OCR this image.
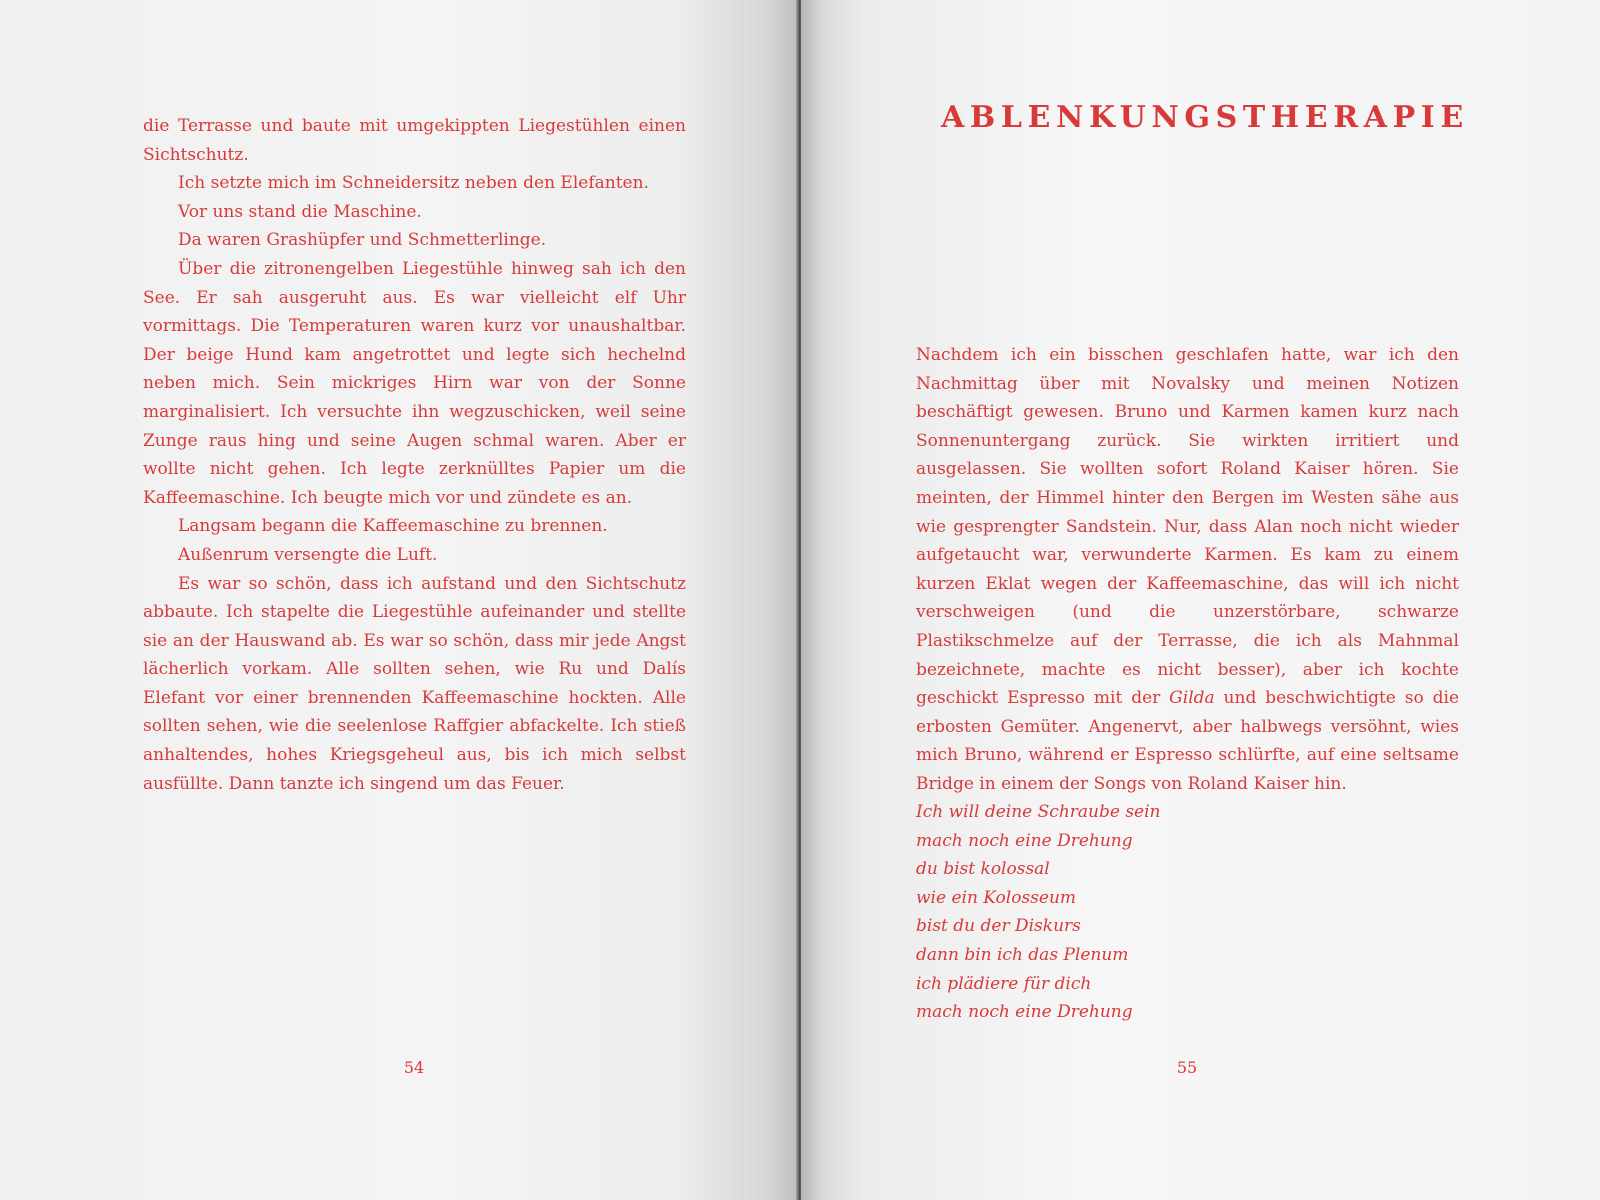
die Terrasse und baute mit umgekippten Liegestühlen einen Sichtschutz.

Ich setzte mich im Schneidersitz neben den Elefanten.

Vor uns stand die Maschine.

Da waren Grashüpfer und Schmetterlinge.

Über die zitronengelben Liegestühle hinweg sah ich den See. Er sah ausgeruht aus. Es war vielleicht elf Uhr vormittags. Die Temperaturen waren kurz vor unaushaltbar. Der beige Hund kam angetrottet und legte sich hechelnd neben mich. Sein mickriges Hirn war von der Sonne marginalisiert. Ich versuchte ihn wegzuschicken, weil seine Zunge raus hing und seine Augen schmal waren. Aber er wollte nicht gehen. Ich legte zerknülltes Papier um die Kaffeemaschine. Ich beugte mich vor und zündete es an.

Langsam begann die Kaffeemaschine zu brennen.

Außenrum versengte die Luft.

Es war so schön, dass ich aufstand und den Sichtschutz abbaute. Ich stapelte die Liegestühle aufeinander und stellte sie an der Hauswand ab. Es war so schön, dass mir jede Angst lächerlich vorkam. Alle sollten sehen, wie Ru und Dalís Elefant vor einer brennenden Kaffeemaschine hockten. Alle sollten sehen, wie die seelenlose Raffgier abfackelte. Ich stieß anhaltendes, hohes Kriegsgeheul aus, bis ich mich selbst ausfüllte. Dann tanzte ich singend um das Feuer.

54
ABLENKUNGSTHERAPIE

Nachdem ich ein bisschen geschlafen hatte, war ich den Nachmittag über mit Novalsky und meinen Notizen beschäftigt gewesen. Bruno und Karmen kamen kurz nach Sonnenuntergang zurück. Sie wirkten irritiert und ausgelassen. Sie wollten sofort Roland Kaiser hören. Sie meinten, der Himmel hinter den Bergen im Westen sähe aus wie gesprengter Sandstein. Nur, dass Alan noch nicht wieder aufgetaucht war, verwunderte Karmen. Es kam zu einem kurzen Eklat wegen der Kaffeemaschine, das will ich nicht verschweigen (und die unzerstörbare, schwarze Plastikschmelze auf der Terrasse, die ich als Mahnmal bezeichnete, machte es nicht besser), aber ich kochte geschickt Espresso mit der Gilda und beschwichtigte so die erbosten Gemüter. Angenervt, aber halbwegs versöhnt, wies mich Bruno, während er Espresso schlürfte, auf eine seltsame Bridge in einem der Songs von Roland Kaiser hin.

Ich will deine Schraube sein
mach noch eine Drehung
du bist kolossal
wie ein Kolosseum
bist du der Diskurs
dann bin ich das Plenum
ich plädiere für dich
mach noch eine Drehung
55
